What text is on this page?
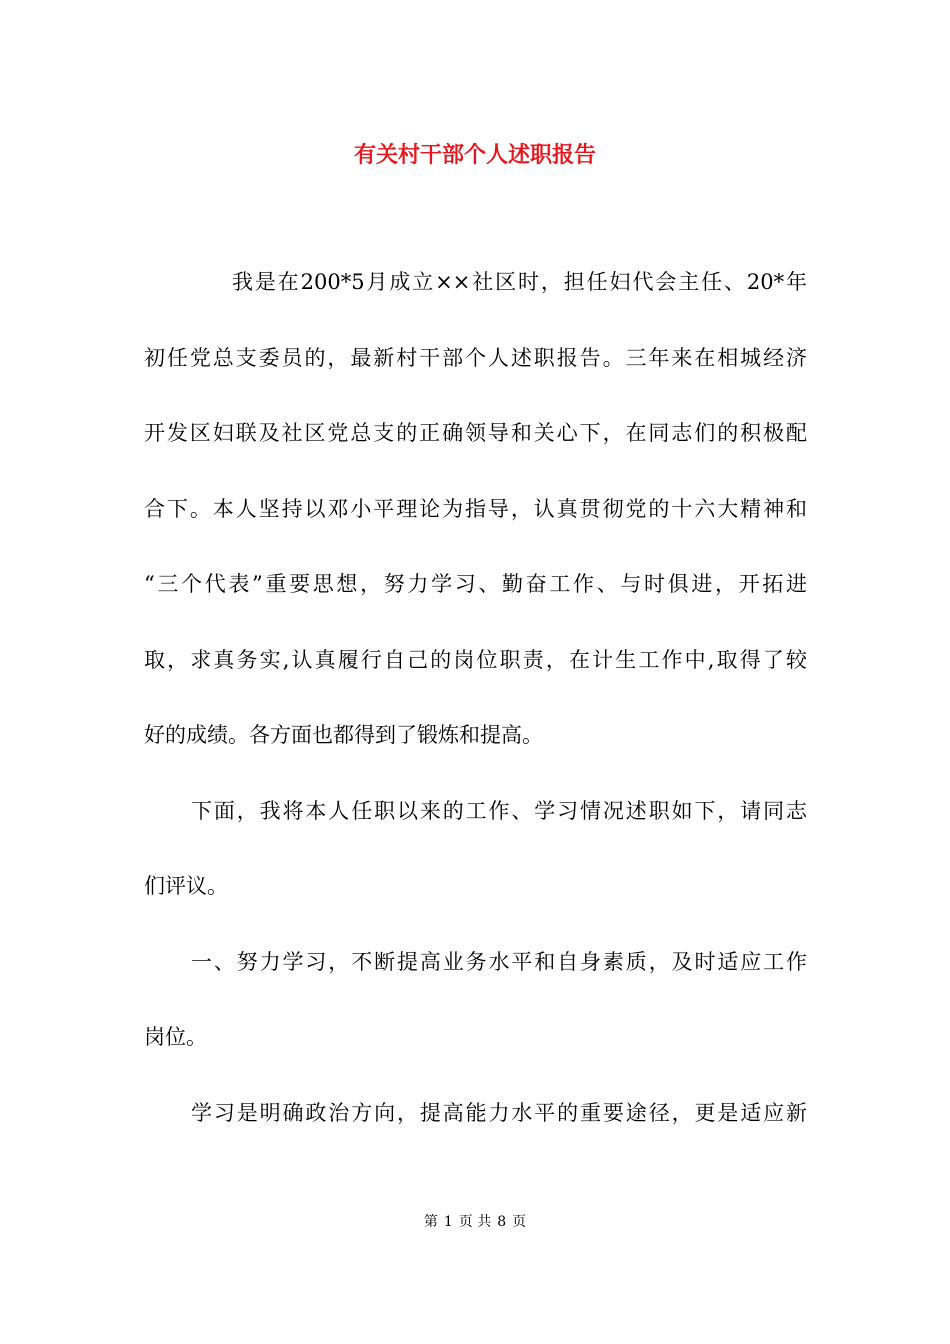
有关村干部个人述职报告
我是在200*5月成立××社区时，担任妇代会主任、20*年
初任党总支委员的，最新村干部个人述职报告。三年来在相城经济
开发区妇联及社区党总支的正确领导和关心下，在同志们的积极配
合下。本人坚持以邓小平理论为指导，认真贯彻党的十六大精神和
“三个代表”重要思想，努力学习、勤奋工作、与时俱进，开拓进
取，求真务实,认真履行自己的岗位职责，在计生工作中,取得了较
好的成绩。各方面也都得到了锻炼和提高。
下面，我将本人任职以来的工作、学习情况述职如下，请同志
们评议。
一、努力学习，不断提高业务水平和自身素质，及时适应工作
岗位。
学习是明确政治方向，提高能力水平的重要途径，更是适应新
第 1 页 共 8 页
